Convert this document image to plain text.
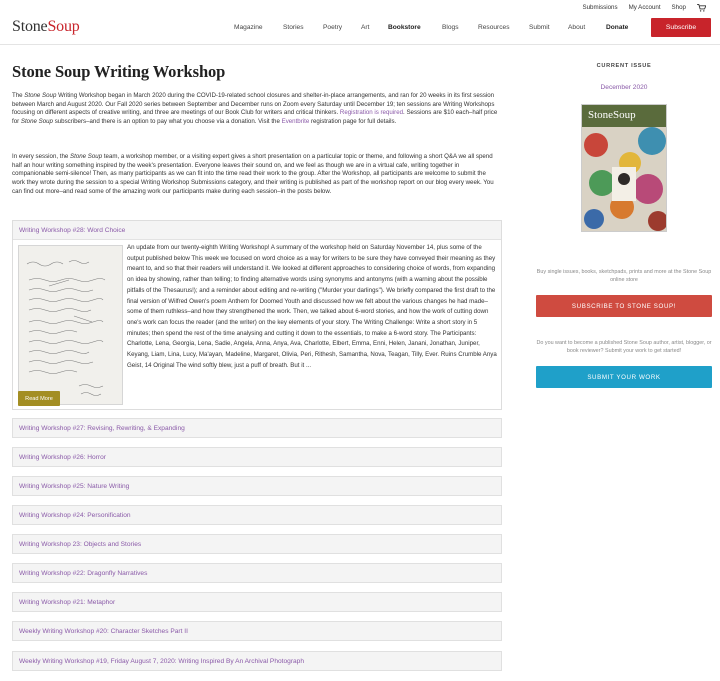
Submissions My Account Shop
StoneSoup	Magazine	Stories	Poetry	Art	Bookstore	Blogs	Resources	Submit	About	Donate	Subscribe
Stone Soup Writing Workshop
The Stone Soup Writing Workshop began in March 2020 during the COVID-19-related school closures and shelter-in-place arrangements, and ran for 20 weeks in its first session between March and August 2020. Our Fall 2020 series between September and December runs on Zoom every Saturday until December 19; ten sessions are Writing Workshops focusing on different aspects of creative writing, and three are meetings of our Book Club for writers and critical thinkers. Registration is required. Sessions are $10 each–half price for Stone Soup subscribers–and there is an option to pay what you choose via a donation. Visit the Eventbrite registration page for full details.
In every session, the Stone Soup team, a workshop member, or a visiting expert gives a short presentation on a particular topic or theme, and following a short Q&A we all spend half an hour writing something inspired by the week's presentation. Everyone leaves their sound on, and we feel as though we are in a virtual cafe, writing together in companionable semi-silence! Then, as many participants as we can fit into the time read their work to the group. After the Workshop, all participants are welcome to submit the work they wrote during the session to a special Writing Workshop Submissions category, and their writing is published as part of the workshop report on our blog every week. You can find out more–and read some of the amazing work our participants make during each session–in the posts below.
Writing Workshop #28: Word Choice
An update from our twenty-eighth Writing Workshop! A summary of the workshop held on Saturday November 14, plus some of the output published below This week we focused on word choice as a way for writers to be sure they have conveyed their meaning as they meant to, and so that their readers will understand it. We looked at different approaches to considering choice of words, from expanding on idea by showing, rather than telling; to finding alternative words using synonyms and antonyms (with a warning about the possible pitfalls of the Thesaurus!); and a reminder about editing and re-writing ("Murder your darlings"). We briefly compared the first draft to the final version of Wilfred Owen's poem Anthem for Doomed Youth and discussed how we felt about the various changes he had made–some of them ruthless–and how they strengthened the work. Then, we talked about 6-word stories, and how the work of cutting down one's work can focus the reader (and the writer) on the key elements of your story. The Writing Challenge: Write a short story in 5 minutes; then spend the rest of the time analysing and cutting it down to the essentials, to make a 6-word story. The Participants: Charlotte, Lena, Georgia, Lena, Sadie, Angela, Anna, Anya, Ava, Charlotte, Elbert, Emma, Enni, Helen, Janani, Jonathan, Juniper, Keyang, Liam, Lina, Lucy, Ma'ayan, Madeline, Margaret, Olivia, Peri, Rithesh, Samantha, Nova, Teagan, Tilly, Ever. Ruins Crumble Anya Geist, 14 Original The wind softly blew, just a puff of breath. But it ...
Read More
Writing Workshop #27: Revising, Rewriting, & Expanding
Writing Workshop #26: Horror
Writing Workshop #25: Nature Writing
Writing Workshop #24: Personification
Writing Workshop 23: Objects and Stories
Writing Workshop #22: Dragonfly Narratives
Writing Workshop #21: Metaphor
Weekly Writing Workshop #20: Character Sketches Part II
Weekly Writing Workshop #19, Friday August 7, 2020: Writing Inspired By An Archival Photograph
CURRENT ISSUE
December 2020
StoneSoup
Buy single issues, books, sketchpads, prints and more at the Stone Soup online store
SUBSCRIBE TO STONE SOUP!
Do you want to become a published Stone Soup author, artist, blogger, or book reviewer? Submit your work to get started!
SUBMIT YOUR WORK
